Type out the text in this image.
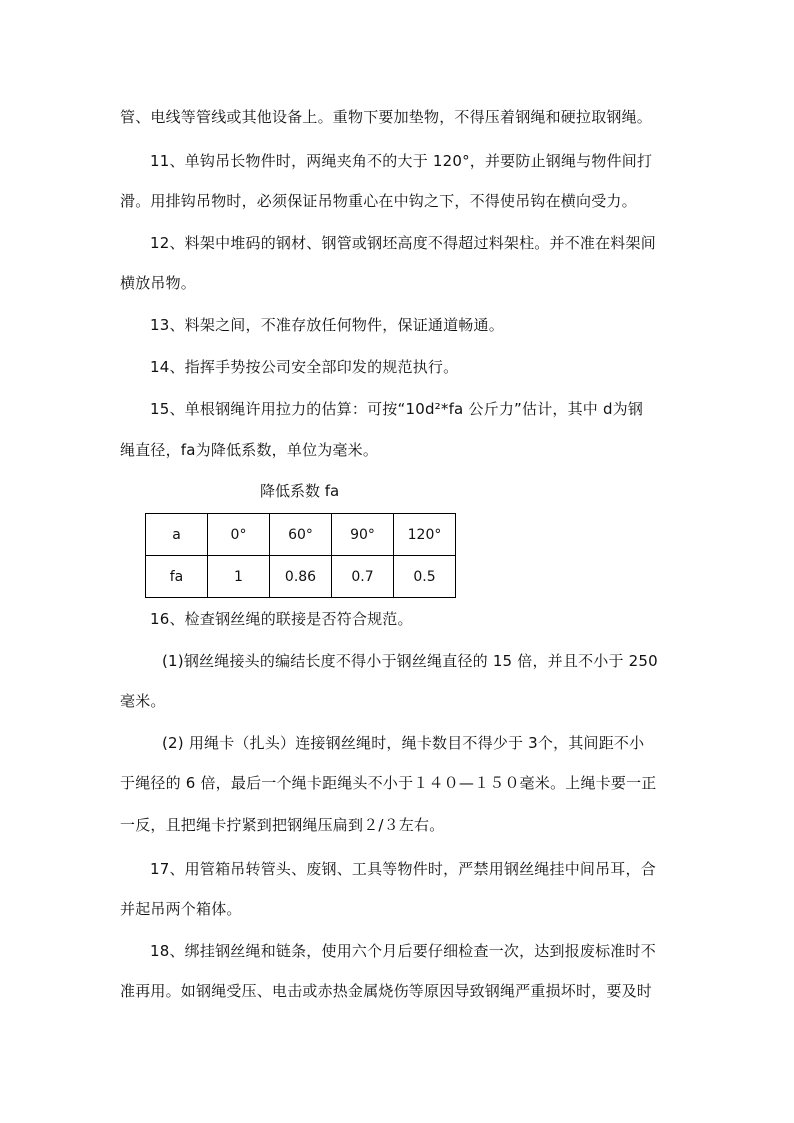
管、电线等管线或其他设备上。重物下要加垫物，不得压着钢绳和硬拉取钢绳。
11、单钩吊长物件时，两绳夹角不的大于 120°，并要防止钢绳与物件间打
滑。用排钩吊物时，必须保证吊物重心在中钩之下，不得使吊钩在横向受力。
12、料架中堆码的钢材、钢管或钢坯高度不得超过料架柱。并不准在料架间
横放吊物。
13、料架之间，不准存放任何物件，保证通道畅通。
14、指挥手势按公司安全部印发的规范执行。
15、单根钢绳许用拉力的估算：可按“10d²*fa 公斤力”估计，其中 d为钢
绳直径，fa为降低系数，单位为毫米。
降低系数 fa
a	0°	60°	90°	120°
fa	1	0.86	0.7	0.5
16、检查钢丝绳的联接是否符合规范。
(1)钢丝绳接头的编结长度不得小于钢丝绳直径的 15 倍，并且不小于 250
毫米。
(2) 用绳卡（扎头）连接钢丝绳时，绳卡数目不得少于 3个，其间距不小
于绳径的 6 倍，最后一个绳卡距绳头不小于１４０—１５０毫米。上绳卡要一正
一反，且把绳卡拧紧到把钢绳压扁到２/３左右。
17、用管箱吊转管头、废钢、工具等物件时，严禁用钢丝绳挂中间吊耳，合
并起吊两个箱体。
18、绑挂钢丝绳和链条，使用六个月后要仔细检查一次，达到报废标准时不
准再用。如钢绳受压、电击或赤热金属烧伤等原因导致钢绳严重损坏时，要及时
